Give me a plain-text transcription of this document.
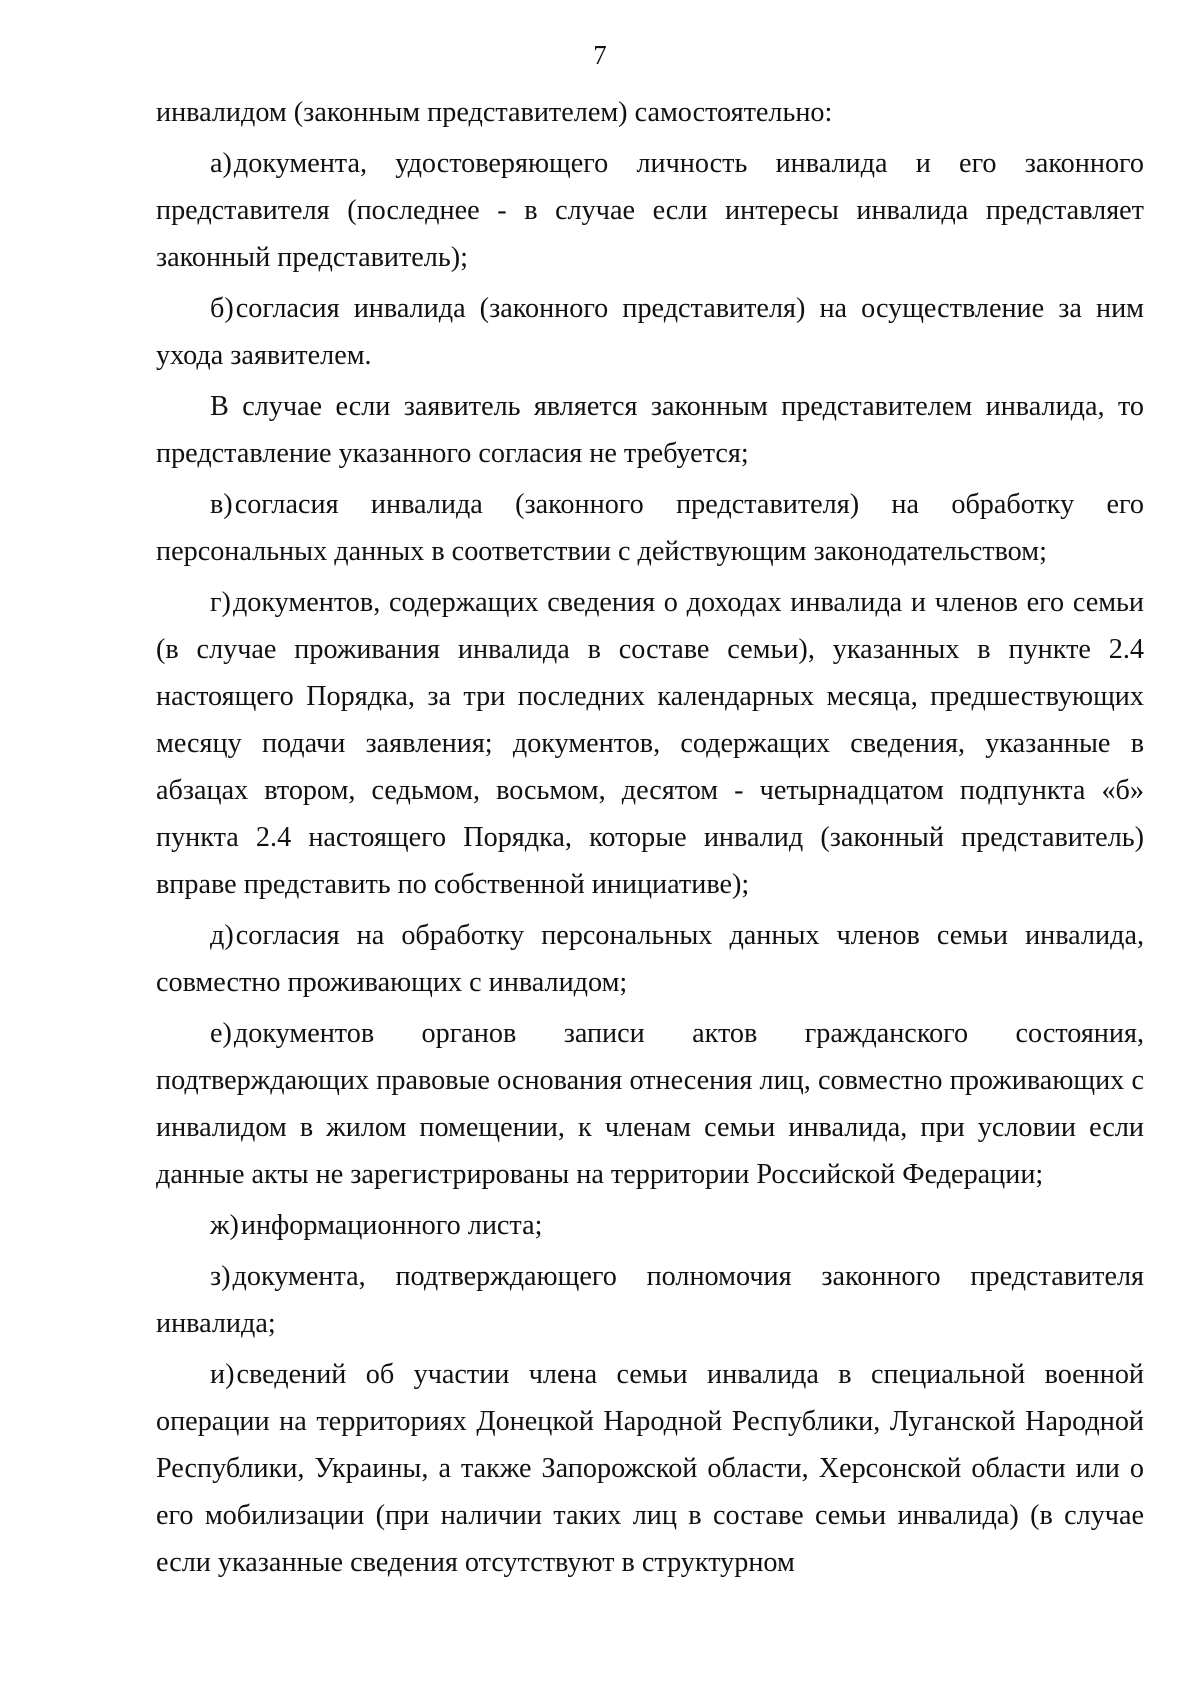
7

инвалидом (законным представителем) самостоятельно:

а)документа, удостоверяющего личность инвалида и его законного представителя (последнее - в случае если интересы инвалида представляет законный представитель);

б)согласия инвалида (законного представителя) на осуществление за ним ухода заявителем.

В случае если заявитель является законным представителем инвалида, то представление указанного согласия не требуется;

в)согласия инвалида (законного представителя) на обработку его персональных данных в соответствии с действующим законодательством;

г)документов, содержащих сведения о доходах инвалида и членов его семьи (в случае проживания инвалида в составе семьи), указанных в пункте 2.4 настоящего Порядка, за три последних календарных месяца, предшествующих месяцу подачи заявления; документов, содержащих сведения, указанные в абзацах втором, седьмом, восьмом, десятом - четырнадцатом подпункта «б» пункта 2.4 настоящего Порядка, которые инвалид (законный представитель) вправе представить по собственной инициативе);

д)согласия на обработку персональных данных членов семьи инвалида, совместно проживающих с инвалидом;

е)документов органов записи актов гражданского состояния, подтверждающих правовые основания отнесения лиц, совместно проживающих с инвалидом в жилом помещении, к членам семьи инвалида, при условии если данные акты не зарегистрированы на территории Российской Федерации;

ж)информационного листа;

з)документа, подтверждающего полномочия законного представителя инвалида;

и)сведений об участии члена семьи инвалида в специальной военной операции на территориях Донецкой Народной Республики, Луганской Народной Республики, Украины, а также Запорожской области, Херсонской области или о его мобилизации (при наличии таких лиц в составе семьи инвалида) (в случае если указанные сведения отсутствуют в структурном
